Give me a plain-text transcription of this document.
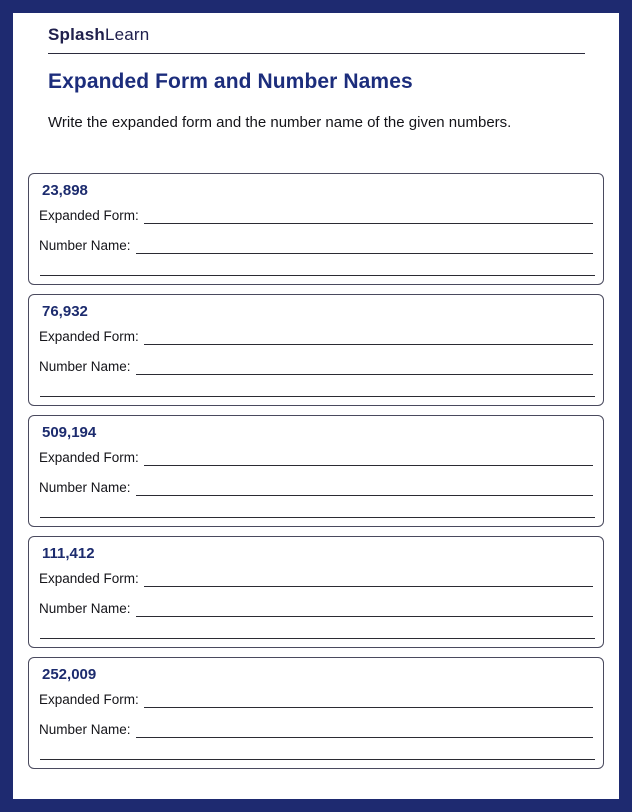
SplashLearn
Expanded Form and Number Names
Write the expanded form and the number name of the given numbers.
23,898
Expanded Form:
Number Name:
76,932
Expanded Form:
Number Name:
509,194
Expanded Form:
Number Name:
111,412
Expanded Form:
Number Name:
252,009
Expanded Form:
Number Name:
